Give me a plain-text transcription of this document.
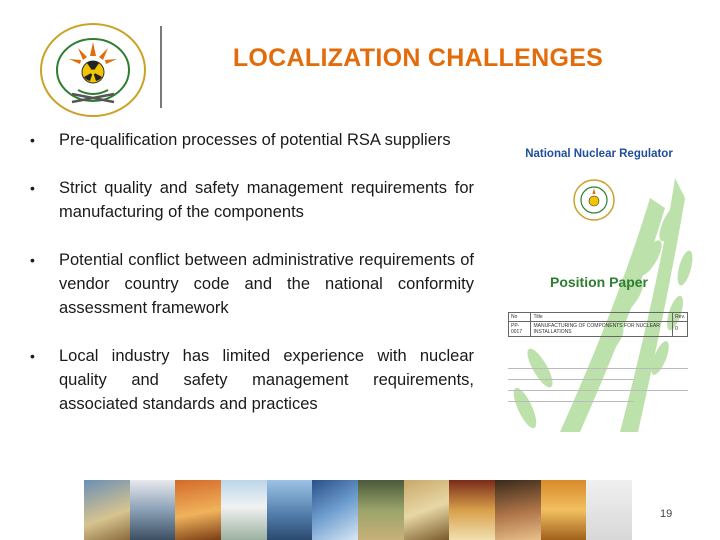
LOCALIZATION CHALLENGES
• Pre-qualification processes of potential RSA suppliers
• Strict quality and safety management requirements for manufacturing of the components
• Potential conflict between administrative requirements of vendor country code and the national conformity assessment framework
• Local industry has limited experience with nuclear quality and safety management requirements, associated standards and practices
National Nuclear Regulator
Position Paper
No	Title	Rev.
PP-0017	MANUFACTURING OF COMPONENTS FOR NUCLEAR INSTALLATIONS	0
19
